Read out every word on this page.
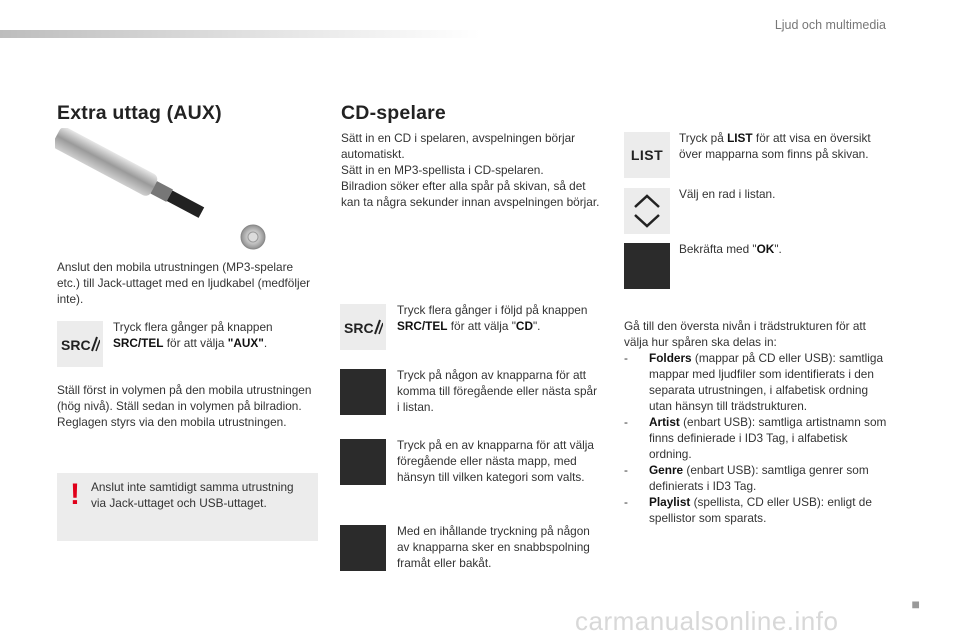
Ljud och multimedia
Extra uttag (AUX)
Anslut den mobila utrustningen (MP3-spelare etc.) till Jack-uttaget med en ljudkabel (medföljer inte).
SRC
Tryck flera gånger på knappen
SRC/TEL för att välja "AUX".
Ställ först in volymen på den mobila utrustningen (hög nivå). Ställ sedan in volymen på bilradion. Reglagen styrs via den mobila utrustningen.
! Anslut inte samtidigt samma utrustning via Jack-uttaget och USB-uttaget.
CD-spelare
Sätt in en CD i spelaren, avspelningen börjar automatiskt.
Sätt in en MP3-spellista i CD-spelaren.
Bilradion söker efter alla spår på skivan, så det kan ta några sekunder innan avspelningen börjar.
SRC
Tryck flera gånger i följd på knappen
SRC/TEL för att välja "CD".
Tryck på någon av knapparna för att komma till föregående eller nästa spår i listan.
Tryck på en av knapparna för att välja föregående eller nästa mapp, med hänsyn till vilken kategori som valts.
Med en ihållande tryckning på någon av knapparna sker en snabbspolning framåt eller bakåt.
LIST
Tryck på LIST för att visa en översikt över mapparna som finns på skivan.
Välj en rad i listan.
Bekräfta med "OK".
Gå till den översta nivån i trädstrukturen för att välja hur spåren ska delas in:
- Folders (mappar på CD eller USB): samtliga mappar med ljudfiler som identifierats i den separata utrustningen, i alfabetisk ordning utan hänsyn till trädstrukturen.
- Artist (enbart USB): samtliga artistnamn som finns definierade i ID3 Tag, i alfabetisk ordning.
- Genre (enbart USB): samtliga genrer som definierats i ID3 Tag.
- Playlist (spellista, CD eller USB): enligt de spellistor som sparats.
■
carmanualsonline.info
